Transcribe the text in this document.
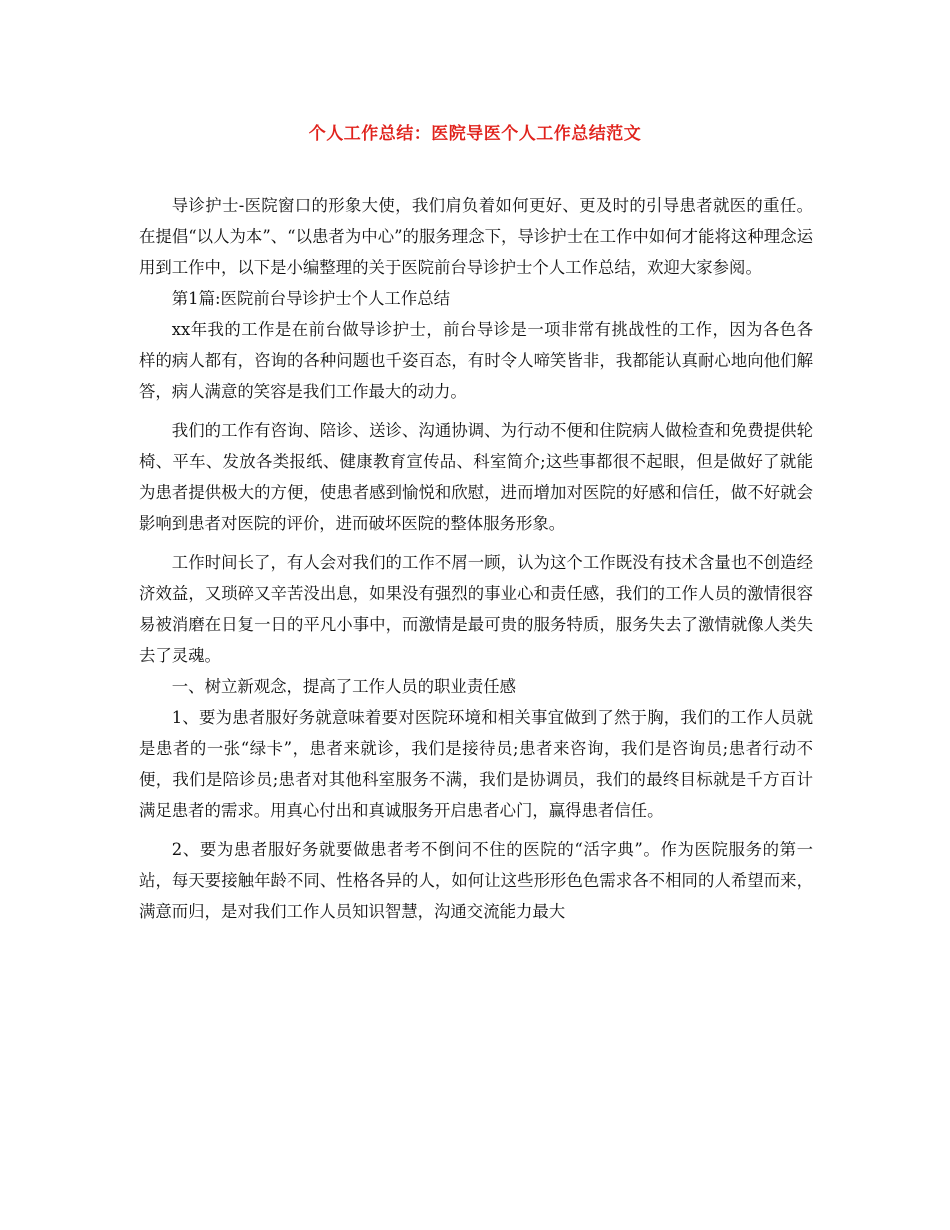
个人工作总结：医院导医个人工作总结范文

导诊护士-医院窗口的形象大使，我们肩负着如何更好、更及时的引导患者就医的重任。在提倡“以人为本”、“以患者为中心”的服务理念下，导诊护士在工作中如何才能将这种理念运用到工作中，以下是小编整理的关于医院前台导诊护士个人工作总结，欢迎大家参阅。

第1篇:医院前台导诊护士个人工作总结

xx年我的工作是在前台做导诊护士，前台导诊是一项非常有挑战性的工作，因为各色各样的病人都有，咨询的各种问题也千姿百态，有时令人啼笑皆非，我都能认真耐心地向他们解答，病人满意的笑容是我们工作最大的动力。

我们的工作有咨询、陪诊、送诊、沟通协调、为行动不便和住院病人做检查和免费提供轮椅、平车、发放各类报纸、健康教育宣传品、科室简介;这些事都很不起眼，但是做好了就能为患者提供极大的方便，使患者感到愉悦和欣慰，进而增加对医院的好感和信任，做不好就会影响到患者对医院的评价，进而破坏医院的整体服务形象。

工作时间长了，有人会对我们的工作不屑一顾，认为这个工作既没有技术含量也不创造经济效益，又琐碎又辛苦没出息，如果没有强烈的事业心和责任感，我们的工作人员的激情很容易被消磨在日复一日的平凡小事中，而激情是最可贵的服务特质，服务失去了激情就像人类失去了灵魂。

一、树立新观念，提高了工作人员的职业责任感

1、要为患者服好务就意味着要对医院环境和相关事宜做到了然于胸，我们的工作人员就是患者的一张“绿卡”，患者来就诊，我们是接待员;患者来咨询，我们是咨询员;患者行动不便，我们是陪诊员;患者对其他科室服务不满，我们是协调员，我们的最终目标就是千方百计满足患者的需求。用真心付出和真诚服务开启患者心门，赢得患者信任。

2、要为患者服好务就要做患者考不倒问不住的医院的“活字典”。作为医院服务的第一站，每天要接触年龄不同、性格各异的人，如何让这些形形色色需求各不相同的人希望而来，满意而归，是对我们工作人员知识智慧，沟通交流能力最大
